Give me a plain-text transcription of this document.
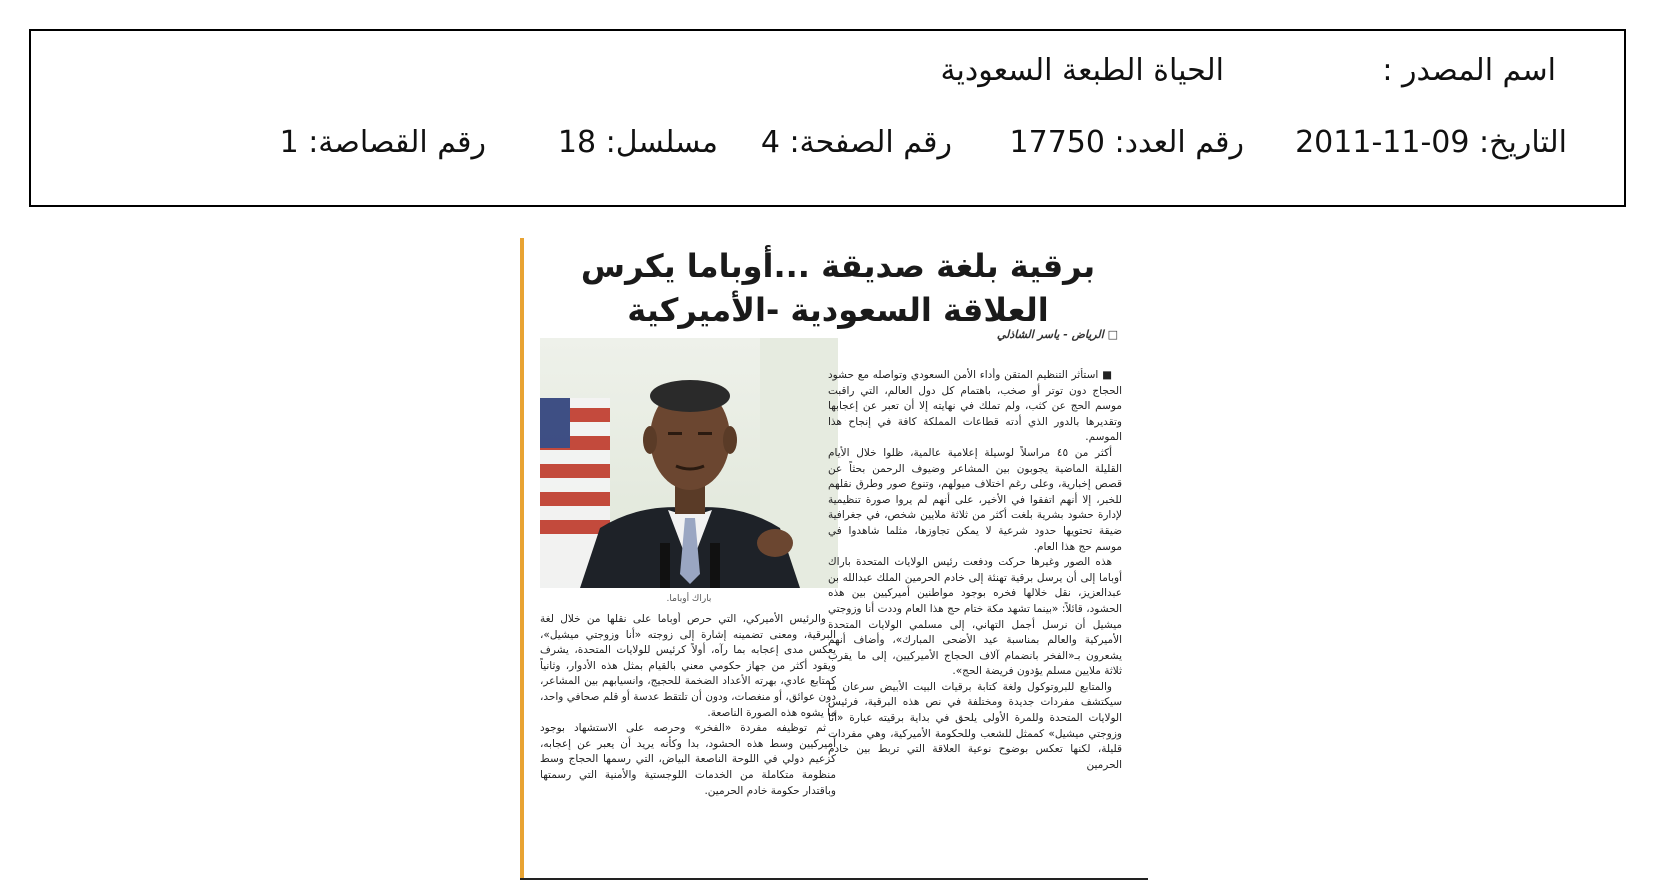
اسم المصدر :
الحياة الطبعة السعودية
التاريخ: 09-11-2011
رقم العدد: 17750
رقم الصفحة: 4
مسلسل: 18
رقم القصاصة: 1
برقية بلغة صديقة ...أوباما يكرس
العلاقة السعودية -الأميركية
□ الرياض - ياسر الشاذلي
باراك أوباما.

■ استأثر التنظيم المتقن وأداء الأمن السعودي وتواصله مع حشود الحجاج دون توتر أو صخب، باهتمام كل دول العالم، التي راقبت موسم الحج عن كثب، ولم تملك في نهايته إلا أن تعبر عن إعجابها وتقديرها بالدور الذي أدته قطاعات المملكة كافة في إنجاح هذا الموسم.

أكثر من ٤٥ مراسلاً لوسيلة إعلامية عالمية، ظلوا خلال الأيام القليلة الماضية يجوبون بين المشاعر وضيوف الرحمن بحثاً عن قصص إخبارية، وعلى رغم اختلاف ميولهم، وتنوع صور وطرق نقلهم للخبر، إلا أنهم اتفقوا في الأخير، على أنهم لم يروا صورة تنظيمية لإدارة حشود بشرية بلغت أكثر من ثلاثة ملايين شخص، في جغرافية ضيقة تحتويها حدود شرعية لا يمكن تجاوزها، مثلما شاهدوا في موسم حج هذا العام.

هذه الصور وغيرها حركت ودفعت رئيس الولايات المتحدة باراك أوباما إلى أن يرسل برقية تهنئة إلى خادم الحرمين الملك عبدالله بن عبدالعزيز، نقل خلالها فخره بوجود مواطنين أميركيين بين هذه الحشود، قائلاً: «بينما تشهد مكة ختام حج هذا العام وددت أنا وزوجتي ميشيل أن نرسل أجمل التهاني، إلى مسلمي الولايات المتحدة الأميركية والعالم بمناسبة عيد الأضحى المبارك»، وأضاف أنهم يشعرون بـ«الفخر بانضمام آلاف الحجاج الأميركيين، إلى ما يقرب ثلاثة ملايين مسلم يؤدون فريضة الحج».

والمتابع للبروتوكول ولغة كتابة برقيات البيت الأبيض سرعان ما سيكتشف مفردات جديدة ومختلفة في نص هذه البرقية، فرئيس الولايات المتحدة وللمرة الأولى يلحق في بداية برقيته عبارة «أنا وزوجتي ميشيل» كممثل للشعب وللحكومة الأميركية، وهي مفردات قليلة، لكنها تعكس بوضوح نوعية العلاقة التي تربط بين خادم الحرمين

والرئيس الأميركي، التي حرص أوباما على نقلها من خلال لغة البرقية، ومعنى تضمينه إشارة إلى زوجته «أنا وزوجتي ميشيل»، يعكس مدى إعجابه بما رآه، أولاً كرئيس للولايات المتحدة، يشرف ويقود أكثر من جهاز حكومي معني بالقيام بمثل هذه الأدوار، وثانياً كمتابع عادي، بهرته الأعداد الضخمة للحجيج، وانسيابهم بين المشاعر، دون عوائق، أو منغصات، ودون أن تلتقط عدسة أو قلم صحافي واحد، ما يشوه هذه الصورة الناصعة.

ثم توظيفه مفردة «الفخر» وحرصه على الاستشهاد بوجود أميركيين وسط هذه الحشود، بدا وكأنه يريد أن يعبر عن إعجابه، كزعيم دولي في اللوحة الناصعة البياض، التي رسمها الحجاج وسط منظومة متكاملة من الخدمات اللوجستية والأمنية التي رسمتها وباقتدار حكومة خادم الحرمين.
